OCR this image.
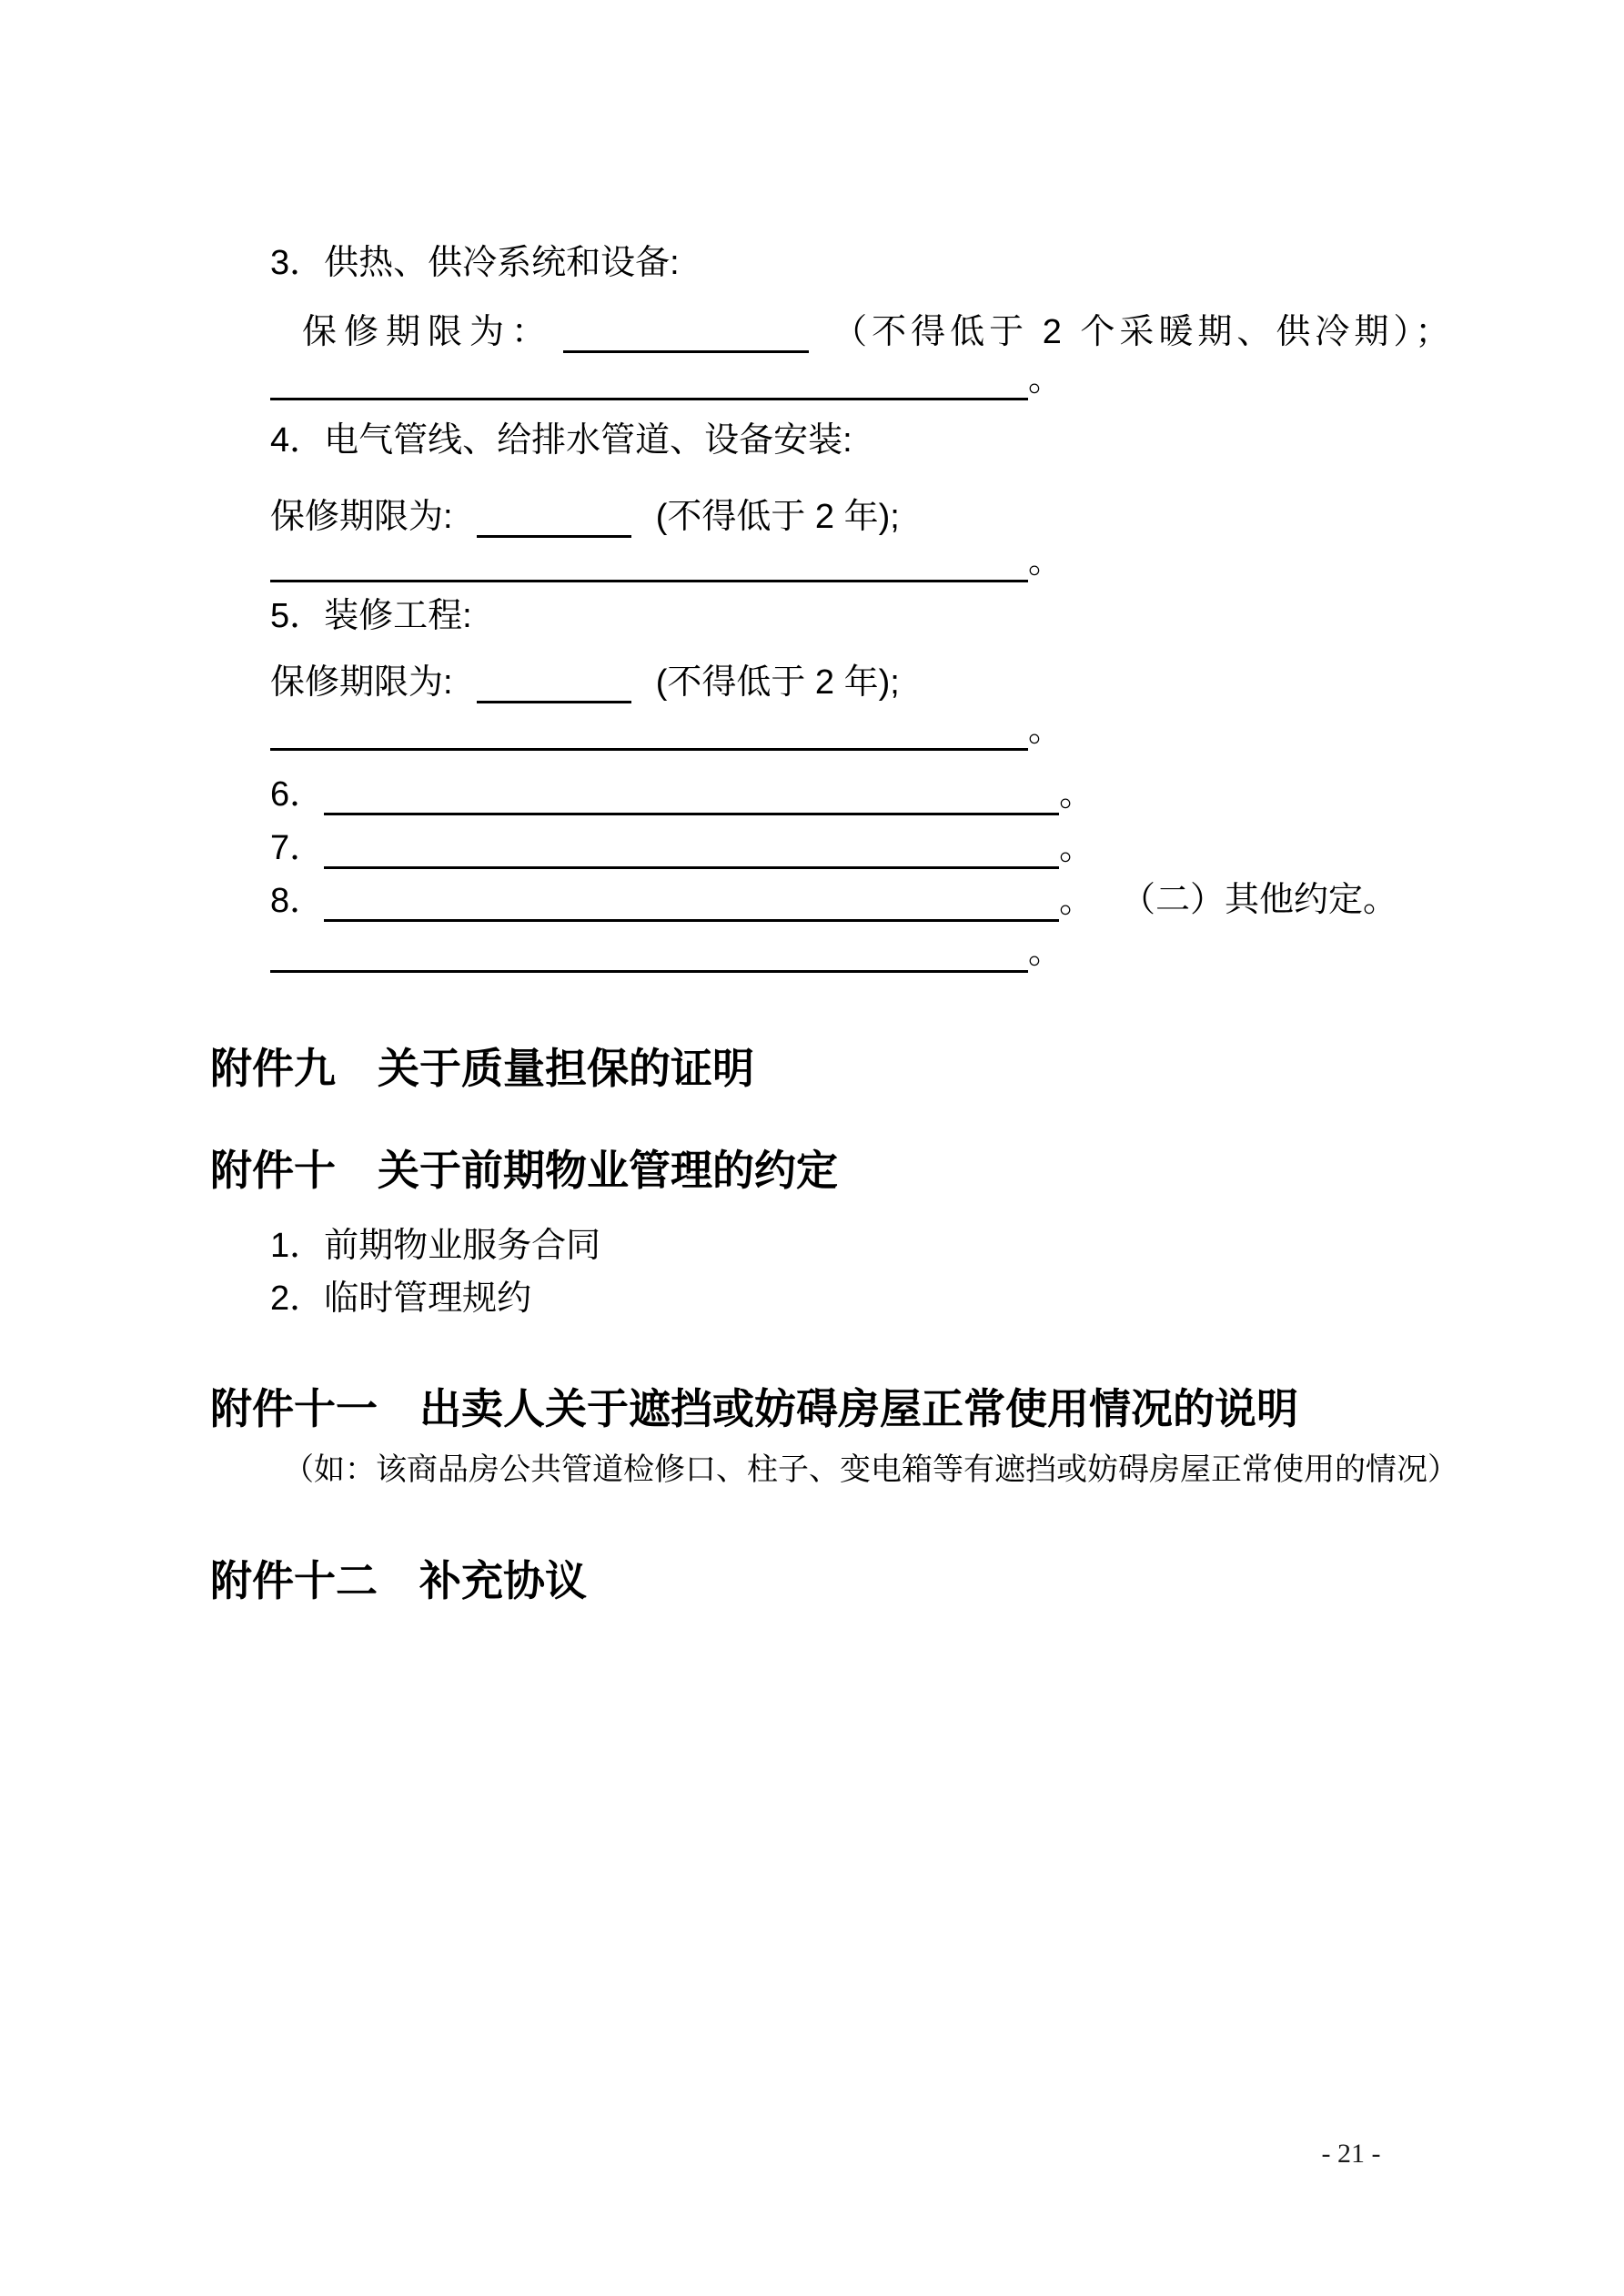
3．供热、供冷系统和设备:
保修期限为：	（不得低于 2 个采暖期、供冷期）；
。
4．电气管线、给排水管道、设备安装:
保修期限为:	(不得低于 2 年);
。
5．装修工程:
保修期限为:	(不得低于 2 年);
。
6．	。
7．	。
8．	。 （二）其他约定。
。
附件九　关于质量担保的证明
附件十　关于前期物业管理的约定
1．前期物业服务合同
2．临时管理规约
附件十一　出卖人关于遮挡或妨碍房屋正常使用情况的说明
（如：该商品房公共管道检修口、柱子、变电箱等有遮挡或妨碍房屋正常使用的情况）
附件十二　补充协议
- 21 -
